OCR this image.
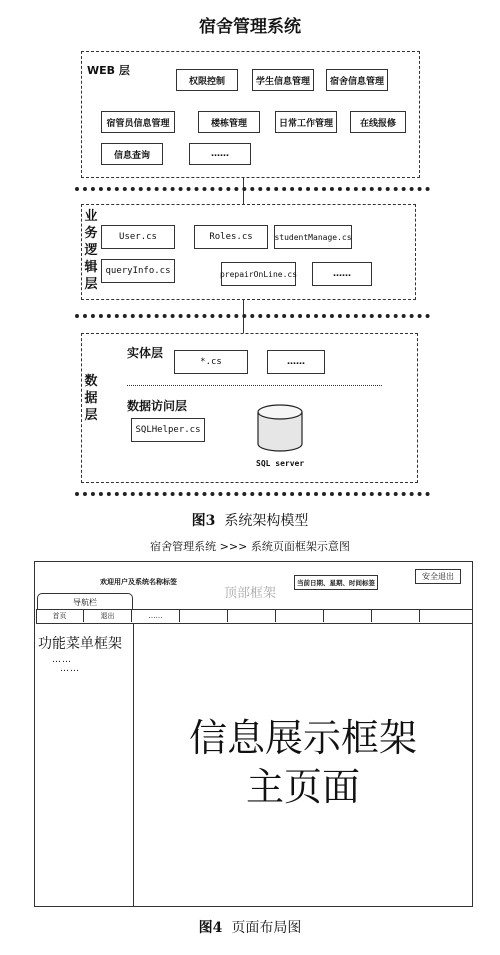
宿舍管理系统
WEB 层
权限控制	学生信息管理	宿舍信息管理
宿管员信息管理	楼栋管理	日常工作管理	在线报修
信息查询	……
业
务
逻
辑
层
User.cs	Roles.cs	studentManage.cs
queryInfo.cs	prepairOnLine.cs	……
数
据
层
实体层
*.cs	……
数据访问层
SQLHelper.cs
SQL server
图3 系统架构模型
宿舍管理系统 >>> 系统页面框架示意图
欢迎用户及系统名称标签
顶部框架
当前日期、星期、时间标签
安全退出
导航栏
首页	退出	……
功能菜单框架
……
……
信息展示框架
主页面
图4 页面布局图
